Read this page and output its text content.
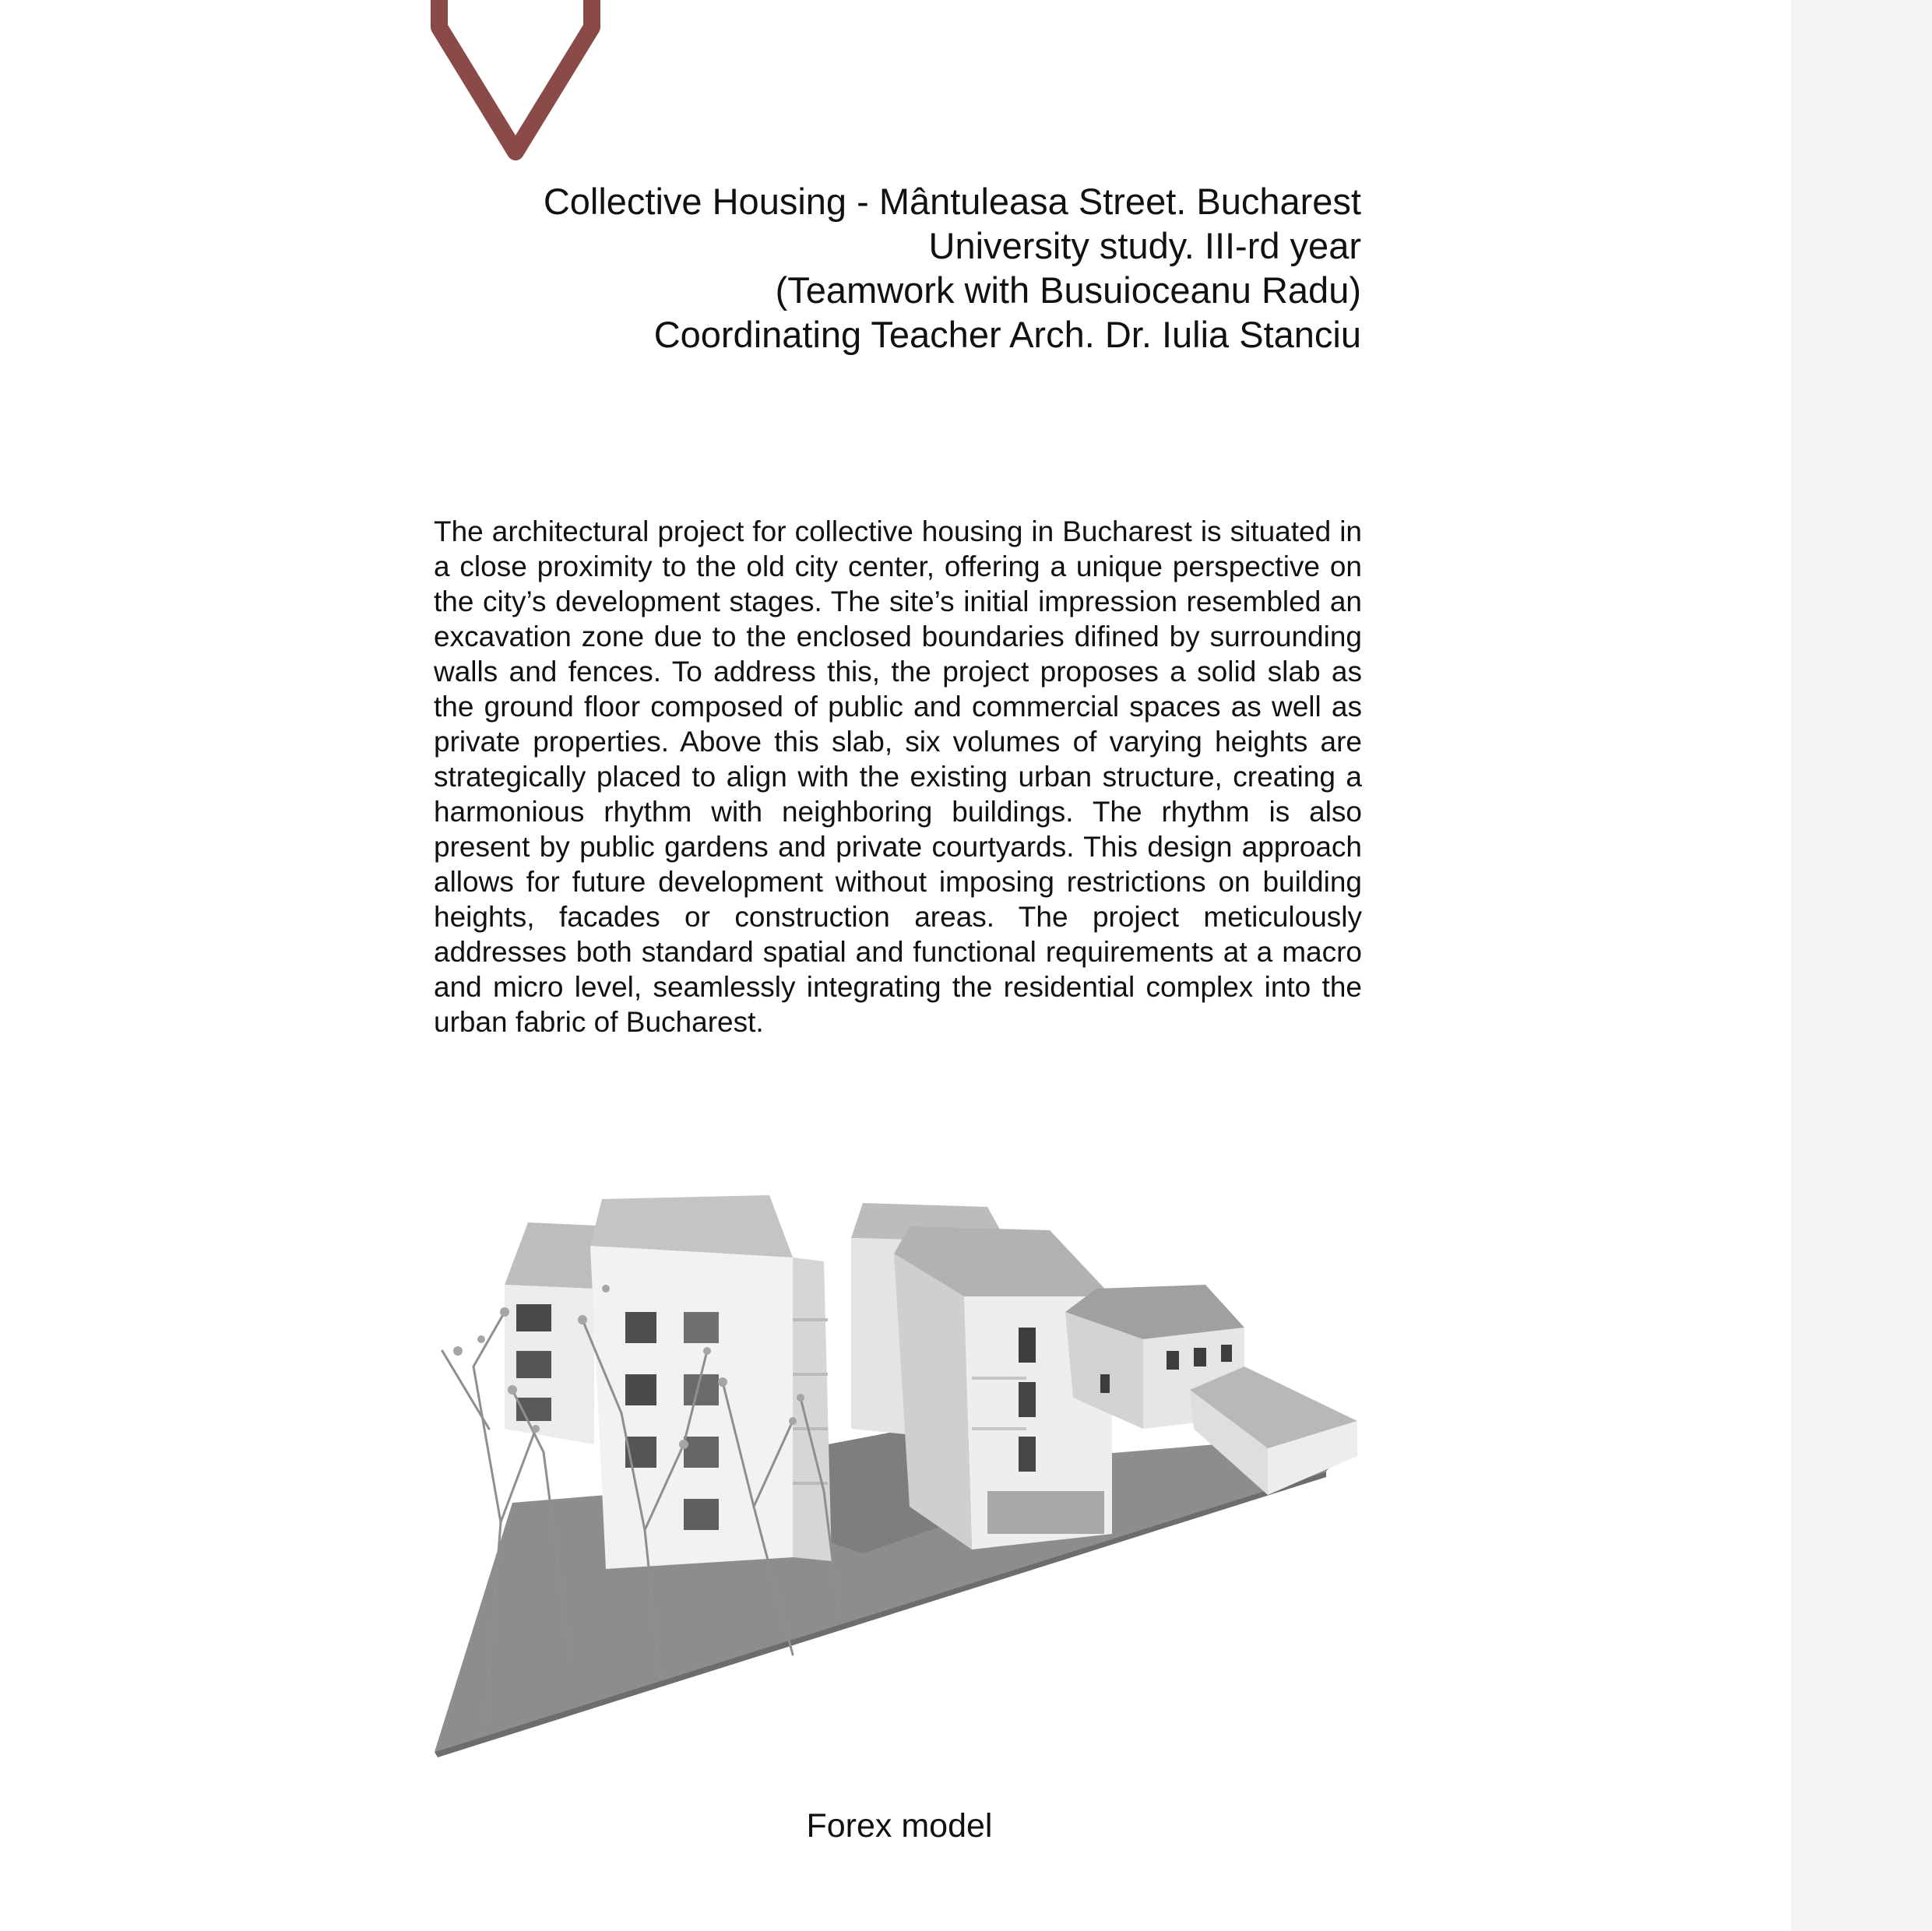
Collective Housing - Mântuleasa Street. Bucharest
University study. III-rd year
(Teamwork with Busuioceanu Radu)
Coordinating Teacher Arch. Dr. Iulia Stanciu

The architectural project for collective housing in Bucharest is situated in a close proximity to the old city center, offering a unique perspective on the city’s development stages. The site’s initial impression resembled an excavation zone due to the enclosed boundaries difined by surrounding walls and fences. To address this, the project proposes a solid slab as the ground floor composed of public and commercial spaces as well as private properties. Above this slab, six volumes of varying heights are strategically placed to align with the existing urban structure, creating a harmonious rhythm with neighboring buildings. The rhythm is also present by public gardens and private courtyards. This design approach allows for future development without imposing restrictions on building heights, facades or construction areas. The project meticulously addresses both standard spatial and functional requirements at a macro and micro level, seamlessly integrating the residential complex into the urban fabric of Bucharest.

Forex model
